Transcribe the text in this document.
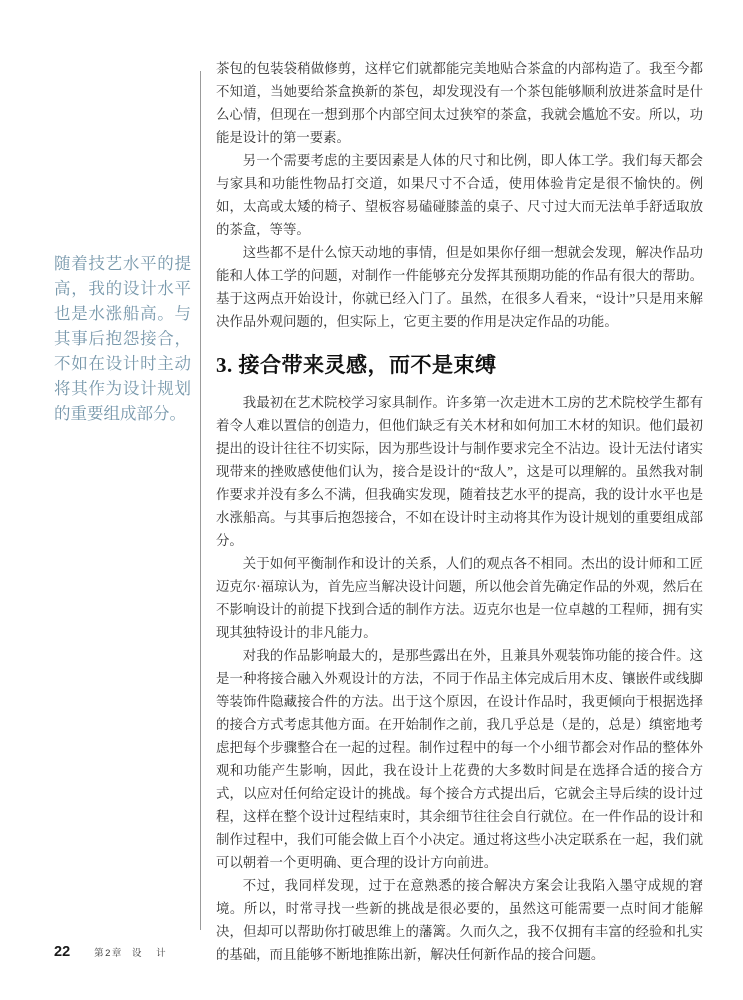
随着技艺水平的提高，我的设计水平也是水涨船高。与其事后抱怨接合，不如在设计时主动将其作为设计规划的重要组成部分。

茶包的包装袋稍做修剪，这样它们就都能完美地贴合茶盒的内部构造了。我至今都不知道，当她要给茶盒换新的茶包，却发现没有一个茶包能够顺利放进茶盒时是什么心情，但现在一想到那个内部空间太过狭窄的茶盒，我就会尴尬不安。所以，功能是设计的第一要素。

另一个需要考虑的主要因素是人体的尺寸和比例，即人体工学。我们每天都会与家具和功能性物品打交道，如果尺寸不合适，使用体验肯定是很不愉快的。例如，太高或太矮的椅子、望板容易磕碰膝盖的桌子、尺寸过大而无法单手舒适取放的茶盒，等等。

这些都不是什么惊天动地的事情，但是如果你仔细一想就会发现，解决作品功能和人体工学的问题，对制作一件能够充分发挥其预期功能的作品有很大的帮助。基于这两点开始设计，你就已经入门了。虽然，在很多人看来，“设计”只是用来解决作品外观问题的，但实际上，它更主要的作用是决定作品的功能。

3. 接合带来灵感，而不是束缚

我最初在艺术院校学习家具制作。许多第一次走进木工房的艺术院校学生都有着令人难以置信的创造力，但他们缺乏有关木材和如何加工木材的知识。他们最初提出的设计往往不切实际，因为那些设计与制作要求完全不沾边。设计无法付诸实现带来的挫败感使他们认为，接合是设计的“敌人”，这是可以理解的。虽然我对制作要求并没有多么不满，但我确实发现，随着技艺水平的提高，我的设计水平也是水涨船高。与其事后抱怨接合，不如在设计时主动将其作为设计规划的重要组成部分。

关于如何平衡制作和设计的关系，人们的观点各不相同。杰出的设计师和工匠迈克尔·福琼认为，首先应当解决设计问题，所以他会首先确定作品的外观，然后在不影响设计的前提下找到合适的制作方法。迈克尔也是一位卓越的工程师，拥有实现其独特设计的非凡能力。

对我的作品影响最大的，是那些露出在外，且兼具外观装饰功能的接合件。这是一种将接合融入外观设计的方法，不同于作品主体完成后用木皮、镶嵌件或线脚等装饰件隐藏接合件的方法。出于这个原因，在设计作品时，我更倾向于根据选择的接合方式考虑其他方面。在开始制作之前，我几乎总是（是的，总是）缜密地考虑把每个步骤整合在一起的过程。制作过程中的每一个小细节都会对作品的整体外观和功能产生影响，因此，我在设计上花费的大多数时间是在选择合适的接合方式，以应对任何给定设计的挑战。每个接合方式提出后，它就会主导后续的设计过程，这样在整个设计过程结束时，其余细节往往会自行就位。在一件作品的设计和制作过程中，我们可能会做上百个小决定。通过将这些小决定联系在一起，我们就可以朝着一个更明确、更合理的设计方向前进。

不过，我同样发现，过于在意熟悉的接合解决方案会让我陷入墨守成规的窘境。所以，时常寻找一些新的挑战是很必要的，虽然这可能需要一点时间才能解决，但却可以帮助你打破思维上的藩篱。久而久之，我不仅拥有丰富的经验和扎实的基础，而且能够不断地推陈出新，解决任何新作品的接合问题。

22	第2章 设 计
